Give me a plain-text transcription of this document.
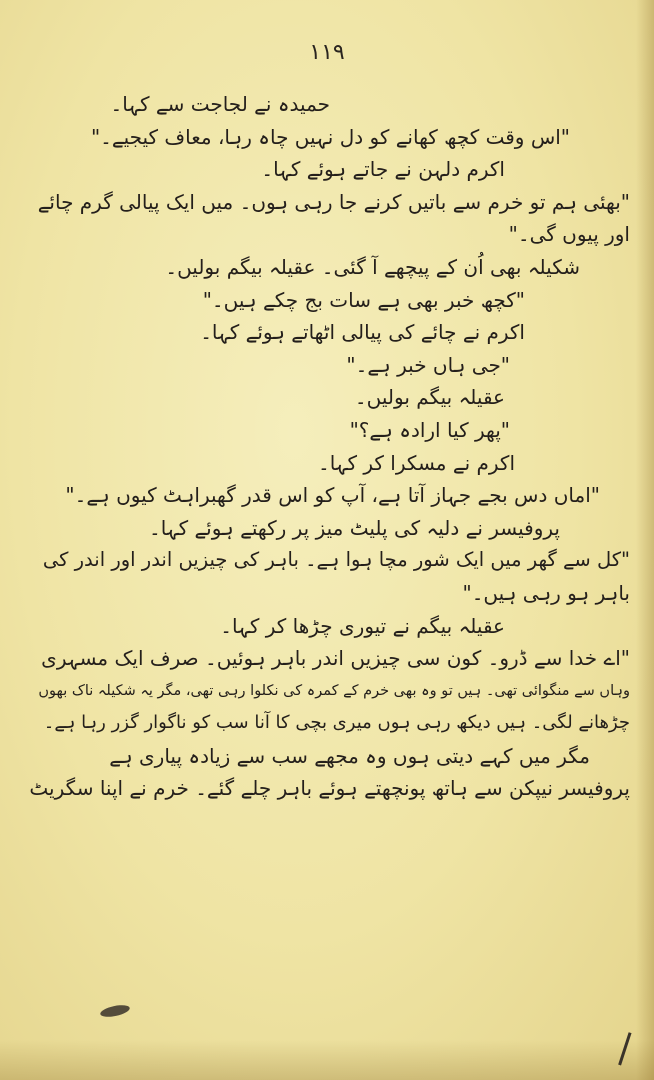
١١٩
حمیدہ نے لجاجت سے کہا۔
"اس وقت کچھ کھانے کو دل نہیں چاہ رہا، معاف کیجیے۔"
اکرم دلہن نے جاتے ہوئے کہا۔
"بھئی ہم تو خرم سے باتیں کرنے جا رہی ہوں۔ میں ایک پیالی گرم چائے
اور پیوں گی۔"
شکیلہ بھی اُن کے پیچھے آ گئی۔ عقیلہ بیگم بولیں۔
"کچھ خبر بھی ہے سات بج چکے ہیں۔"
اکرم نے چائے کی پیالی اٹھاتے ہوئے کہا۔
"جی ہاں خبر ہے۔"
عقیلہ بیگم بولیں۔
"پھر کیا ارادہ ہے؟"
اکرم نے مسکرا کر کہا۔
"اماں دس بجے جہاز آتا ہے، آپ کو اس قدر گھبراہٹ کیوں ہے۔"
پروفیسر نے دلیہ کی پلیٹ میز پر رکھتے ہوئے کہا۔
"کل سے گھر میں ایک شور مچا ہوا ہے۔ باہر کی چیزیں اندر اور اندر کی
باہر ہو رہی ہیں۔"
عقیلہ بیگم نے تیوری چڑھا کر کہا۔
"اے خدا سے ڈرو۔ کون سی چیزیں اندر باہر ہوئیں۔ صرف ایک مسہری
وہاں سے منگوائی تھی۔ ہیں تو وہ بھی خرم کے کمرہ کی نکلوا رہی تھی، مگر یہ شکیلہ ناک بھوں
چڑھانے لگی۔ ہیں دیکھ رہی ہوں میری بچی کا آنا سب کو ناگوار گزر رہا ہے۔
مگر میں کہے دیتی ہوں وہ مجھے سب سے زیادہ پیاری ہے
پروفیسر نیپکن سے ہاتھ پونچھتے ہوئے باہر چلے گئے۔ خرم نے اپنا سگریٹ
